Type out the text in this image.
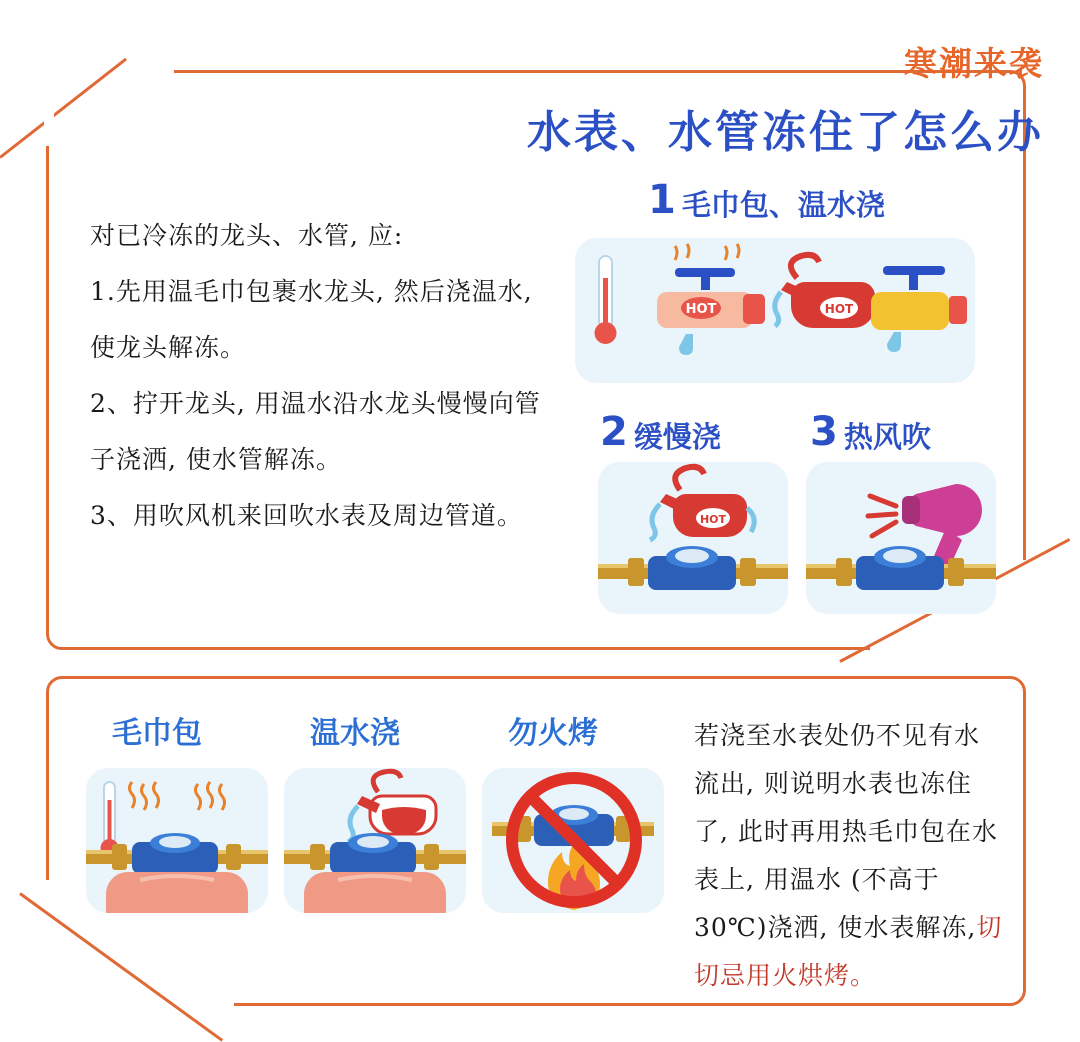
寒潮来袭
水表、水管冻住了怎么办

对已冷冻的龙头、水管, 应:

1.先用温毛巾包裹水龙头, 然后浇温水,

使龙头解冻。

2、拧开龙头, 用温水沿水龙头慢慢向管

子浇洒, 使水管解冻。

3、用吹风机来回吹水表及周边管道。

1 毛巾包、温水浇
HOT	HOT
2 缓慢浇
HOT
3 热风吹
毛巾包	温水浇	勿火烤	若浇至水表处仍不见有水

流出, 则说明水表也冻住

了, 此时再用热毛巾包在水

表上, 用温水 (不高于

30℃)浇洒, 使水表解冻,切

切忌用火烘烤。
